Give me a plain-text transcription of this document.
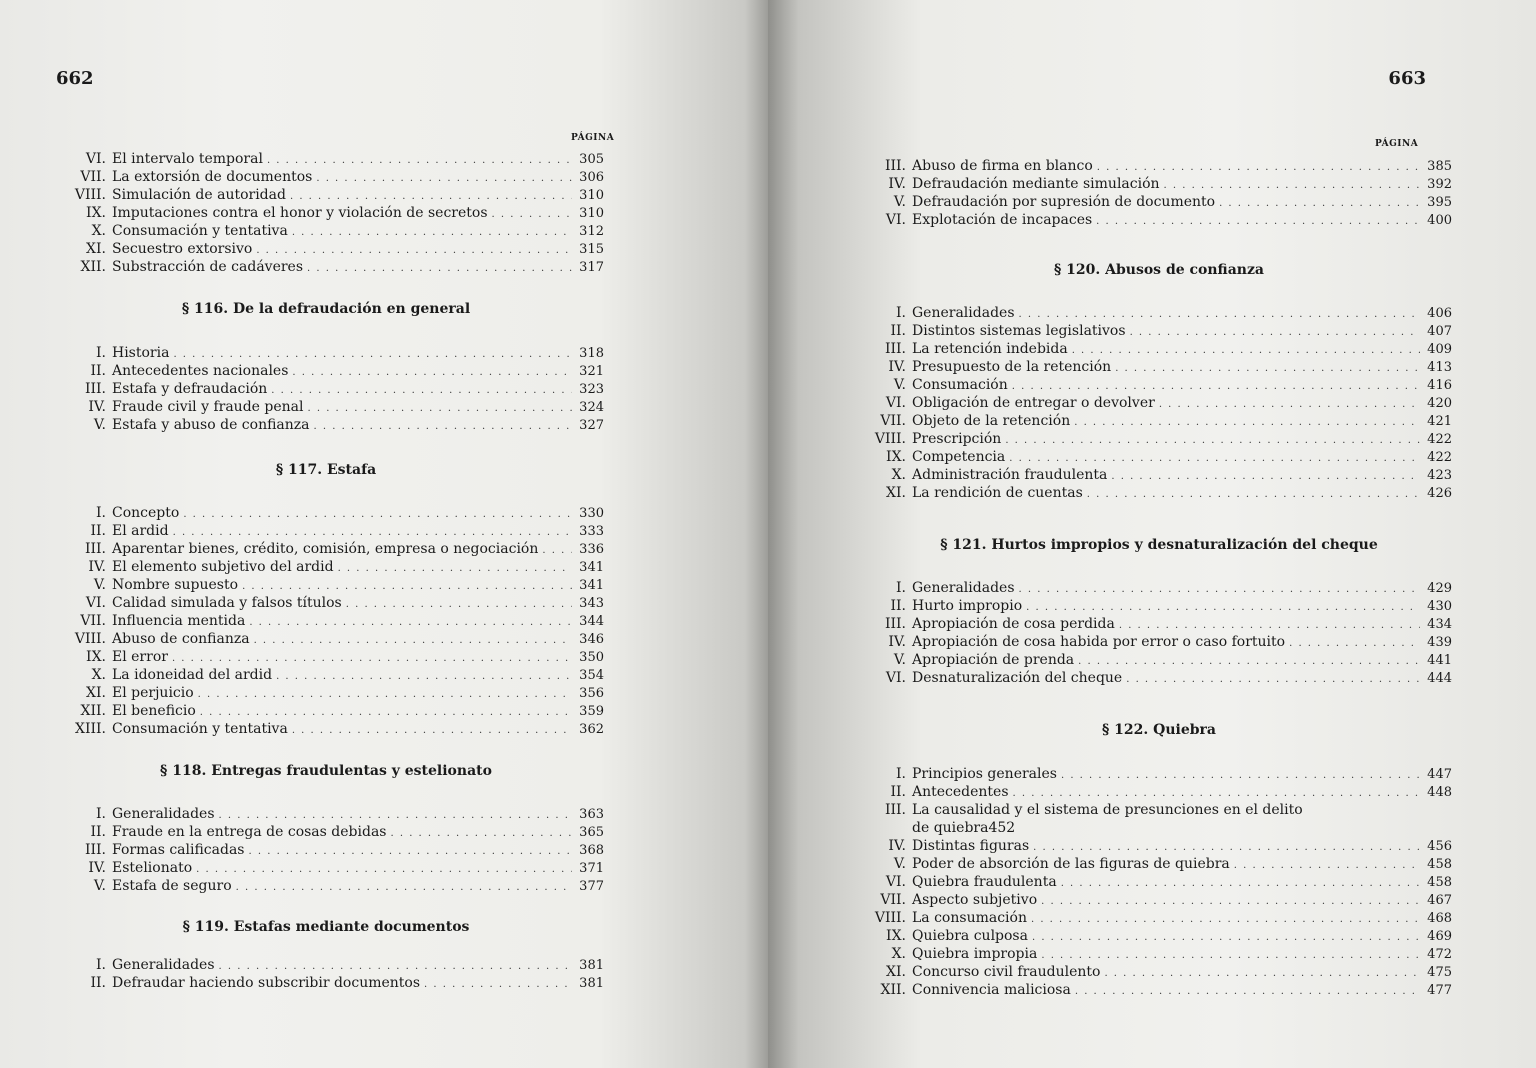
662
PÁGINA
VI. El intervalo temporal . . .	305
VII. La extorsión de documentos . . .	306
VIII. Simulación de autoridad . . .	310
IX. Imputaciones contra el honor y violación de secretos . . .	310
X. Consumación y tentativa . . .	312
XI. Secuestro extorsivo . . .	315
XII. Substracción de cadáveres . . .	317
§ 116. De la defraudación en general
I. Historia . . .	318
II. Antecedentes nacionales . . .	321
III. Estafa y defraudación . . .	323
IV. Fraude civil y fraude penal . . .	324
V. Estafa y abuso de confianza . . .	327
§ 117. Estafa
I. Concepto . . .	330
II. El ardid . . .	333
III. Aparentar bienes, crédito, comisión, empresa o negociación . . .	336
IV. El elemento subjetivo del ardid . . .	341
V. Nombre supuesto . . .	341
VI. Calidad simulada y falsos títulos . . .	343
VII. Influencia mentida . . .	344
VIII. Abuso de confianza . . .	346
IX. El error . . .	350
X. La idoneidad del ardid . . .	354
XI. El perjuicio . . .	356
XII. El beneficio . . .	359
XIII. Consumación y tentativa . . .	362
§ 118. Entregas fraudulentas y estelionato
I. Generalidades . . .	363
II. Fraude en la entrega de cosas debidas . . .	365
III. Formas calificadas . . .	368
IV. Estelionato . . .	371
V. Estafa de seguro . . .	377
§ 119. Estafas mediante documentos
I. Generalidades . . .	381
II. Defraudar haciendo subscribir documentos . . .	381
663
PÁGINA
III. Abuso de firma en blanco . . .	385
IV. Defraudación mediante simulación . . .	392
V. Defraudación por supresión de documento . . .	395
VI. Explotación de incapaces . . .	400
§ 120. Abusos de confianza
I. Generalidades . . .	406
II. Distintos sistemas legislativos . . .	407
III. La retención indebida . . .	409
IV. Presupuesto de la retención . . .	413
V. Consumación . . .	416
VI. Obligación de entregar o devolver . . .	420
VII. Objeto de la retención . . .	421
VIII. Prescripción . . .	422
IX. Competencia . . .	422
X. Administración fraudulenta . . .	423
XI. La rendición de cuentas . . .	426
§ 121. Hurtos impropios y desnaturalización del cheque
I. Generalidades . . .	429
II. Hurto impropio . . .	430
III. Apropiación de cosa perdida . . .	434
IV. Apropiación de cosa habida por error o caso fortuito . . .	439
V. Apropiación de prenda . . .	441
VI. Desnaturalización del cheque . . .	444
§ 122. Quiebra
I. Principios generales . . .	447
II. Antecedentes . . .	448
III. La causalidad y el sistema de presunciones en el delito
de quiebra 452
IV. Distintas figuras . . .	456
V. Poder de absorción de las figuras de quiebra . . .	458
VI. Quiebra fraudulenta . . .	458
VII. Aspecto subjetivo . . .	467
VIII. La consumación . . .	468
IX. Quiebra culposa . . .	469
X. Quiebra impropia . . .	472
XI. Concurso civil fraudulento . . .	475
XII. Connivencia maliciosa . . .	477
